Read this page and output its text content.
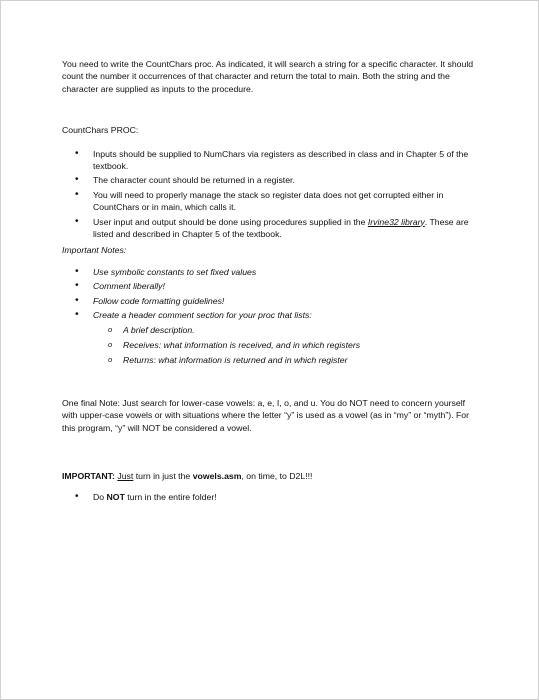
You need to write the CountChars proc. As indicated, it will search a string for a specific character. It should count the number it occurrences of that character and return the total to main. Both the string and the character are supplied as inputs to the procedure.

CountChars PROC:

• Inputs should be supplied to NumChars via registers as described in class and in Chapter 5 of the textbook.
• The character count should be returned in a register.
• You will need to properly manage the stack so register data does not get corrupted either in CountChars or in main, which calls it.
• User input and output should be done using procedures supplied in the Irvine32 library. These are listed and described in Chapter 5 of the textbook.

Important Notes:

• Use symbolic constants to set fixed values
• Comment liberally!
• Follow code formatting guidelines!
• Create a header comment section for your proc that lists:
o A brief description.
o Receives: what information is received, and in which registers
o Returns: what information is returned and in which register

One final Note: Just search for lower-case vowels: a, e, I, o, and u. You do NOT need to concern yourself with upper-case vowels or with situations where the letter “y” is used as a vowel (as in “my” or “myth”). For this program, “y” will NOT be considered a vowel.

IMPORTANT: Just turn in just the vowels.asm, on time, to D2L!!!

• Do NOT turn in the entire folder!
